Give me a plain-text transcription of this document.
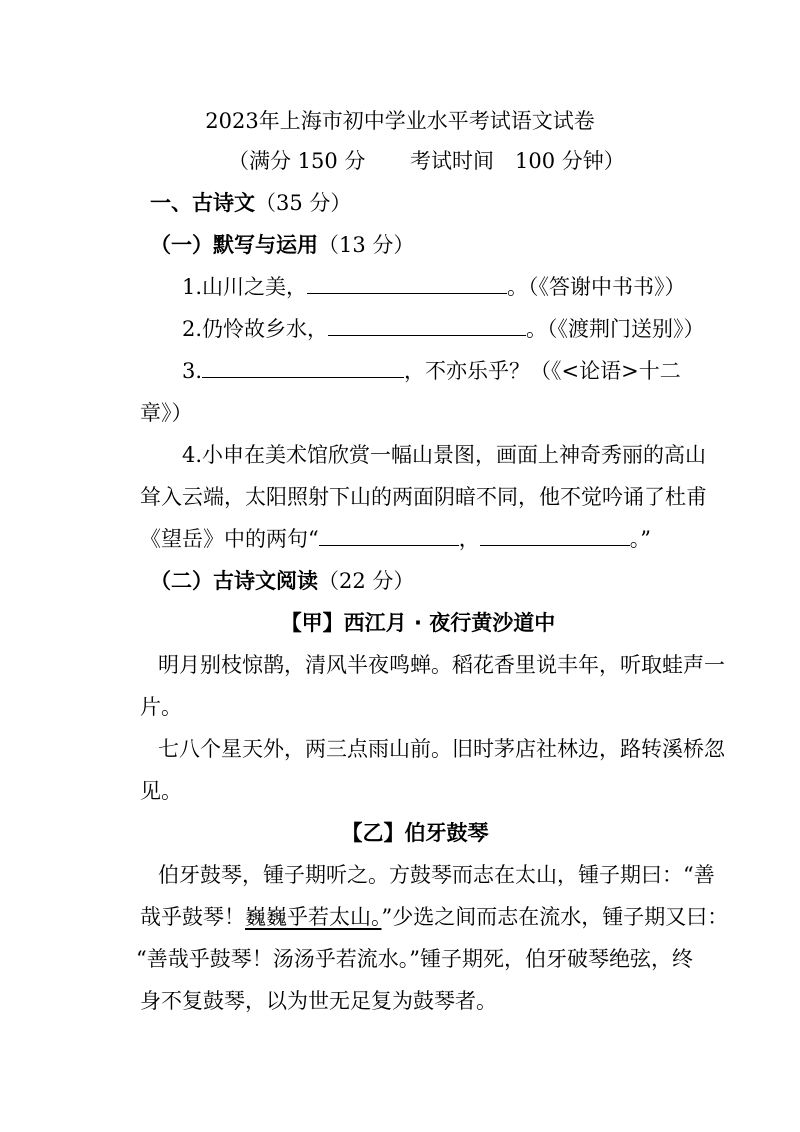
2023年上海市初中学业水平考试语文试卷
（满分 150 分 考试时间　100 分钟）
一、古诗文（35 分）
（一）默写与运用（13 分）
1.山川之美，	。（《答谢中书书》）
2.仍怜故乡水，	。（《渡荆门送别》）
3.	，不亦乐乎？（《<论语>十二
章》）
4.小申在美术馆欣赏一幅山景图，画面上神奇秀丽的高山
耸入云端，太阳照射下山的两面阴暗不同，他不觉吟诵了杜甫
《望岳》中的两句“	，	。”
（二）古诗文阅读（22 分）
【甲】西江月 · 夜行黄沙道中
明月别枝惊鹊，清风半夜鸣蝉。稻花香里说丰年，听取蛙声一
片。
七八个星天外，两三点雨山前。旧时茅店社林边，路转溪桥忽
见。
【乙】伯牙鼓琴
伯牙鼓琴，锺子期听之。方鼓琴而志在太山，锺子期曰：“善
哉乎鼓琴！巍巍乎若太山。”少选之间而志在流水，锺子期又曰：
“善哉乎鼓琴！汤汤乎若流水。”锺子期死，伯牙破琴绝弦，终
身不复鼓琴，以为世无足复为鼓琴者。
